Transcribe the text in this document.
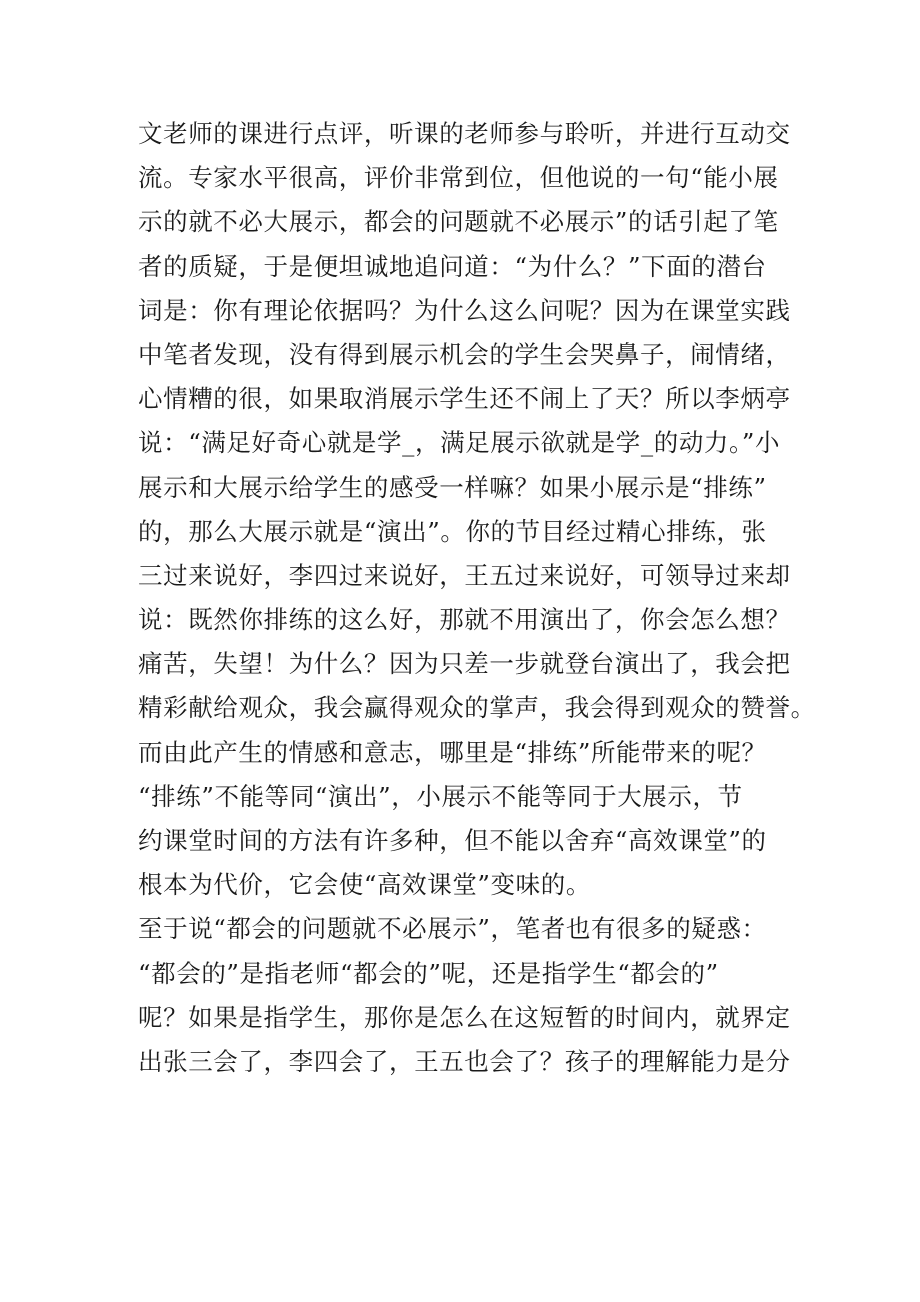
文老师的课进行点评，听课的老师参与聆听，并进行互动交
流。专家水平很高，评价非常到位，但他说的一句“能小展
示的就不必大展示，都会的问题就不必展示”的话引起了笔
者的质疑，于是便坦诚地追问道：“为什么？”下面的潜台
词是：你有理论依据吗？为什么这么问呢？因为在课堂实践
中笔者发现，没有得到展示机会的学生会哭鼻子，闹情绪，
心情糟的很，如果取消展示学生还不闹上了天？所以李炳亭
说：“满足好奇心就是学_，满足展示欲就是学_的动力。”小
展示和大展示给学生的感受一样嘛？如果小展示是“排练”
的，那么大展示就是“演出”。你的节目经过精心排练，张
三过来说好，李四过来说好，王五过来说好，可领导过来却
说：既然你排练的这么好，那就不用演出了，你会怎么想？
痛苦，失望！为什么？因为只差一步就登台演出了，我会把
精彩献给观众，我会赢得观众的掌声，我会得到观众的赞誉。
而由此产生的情感和意志，哪里是“排练”所能带来的呢？
“排练”不能等同“演出”，小展示不能等同于大展示，节
约课堂时间的方法有许多种，但不能以舍弃“高效课堂”的
根本为代价，它会使“高效课堂”变味的。
至于说“都会的问题就不必展示”，笔者也有很多的疑惑：
“都会的”是指老师“都会的”呢，还是指学生“都会的”
呢？如果是指学生，那你是怎么在这短暂的时间内，就界定
出张三会了，李四会了，王五也会了？孩子的理解能力是分
